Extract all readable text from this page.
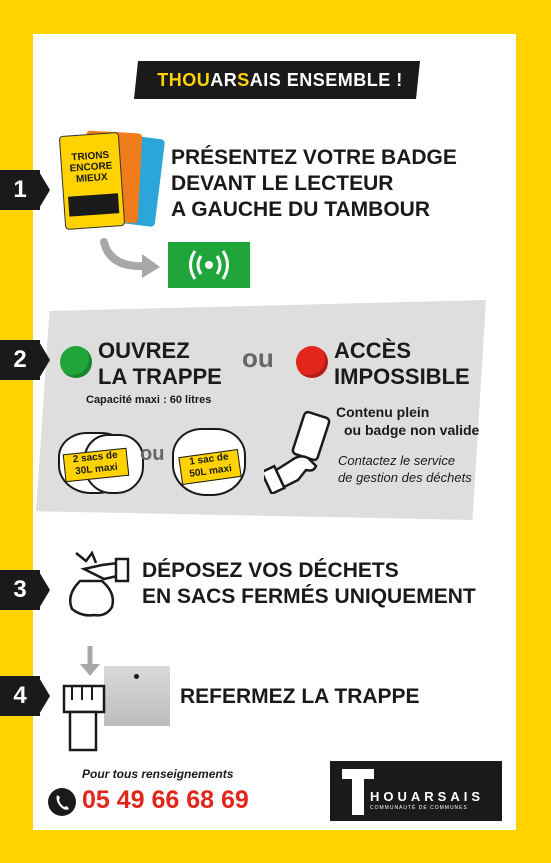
THOUARSAIS ENSEMBLE !
1
TRIONS
ENCORE
MIEUX
PRÉSENTEZ VOTRE BADGE
DEVANT LE LECTEUR
A GAUCHE DU TAMBOUR
2	OUVREZ
LA TRAPPE
ou	ACCÈS
IMPOSSIBLE
Capacité maxi : 60 litres
2 sacs de 30L maxi
ou	1 sac de 50L maxi
Contenu plein
ou badge non valide
Contactez le service
de gestion des déchets
3
DÉPOSEZ VOS DÉCHETS
EN SACS FERMÉS UNIQUEMENT
4	REFERMEZ LA TRAPPE
Pour tous renseignements
05 49 66 68 69	HOUARSAIS
COMMUNAUTÉ DE COMMUNES
